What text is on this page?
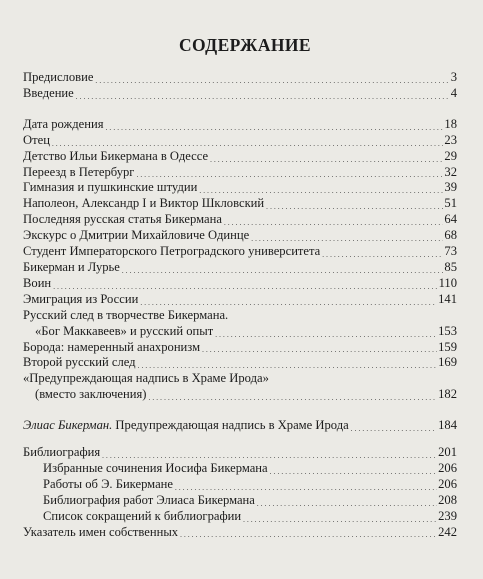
СОДЕРЖАНИЕ
Предисловие . . .	3
Введение . . .	4
Дата рождения . . .	18
Отец . . .	23
Детство Ильи Бикермана в Одессе . . .	29
Переезд в Петербург . . .	32
Гимназия и пушкинские штудии . . .	39
Наполеон, Александр I и Виктор Шкловский . . .	51
Последняя русская статья Бикермана . . .	64
Экскурс о Дмитрии Михайловиче Одинце . . .	68
Студент Императорского Петроградского университета . . .	73
Бикерман и Лурье . . .	85
Воин . . .	110
Эмиграция из России . . .	141
Русский след в творчестве Бикермана.
«Бог Маккавеев» и русский опыт . . .	153
Борода: намеренный анахронизм . . .	159
Второй русский след . . .	169
«Предупреждающая надпись в Храме Ирода»
(вместо заключения) . . .	182
Элиас Бикерман. Предупреждающая надпись в Храме Ирода . . .	184
Библиография . . .	201
Избранные сочинения Иосифа Бикермана . . .	206
Работы об Э. Бикермане . . .	206
Библиография работ Элиаса Бикермана . . .	208
Список сокращений к библиографии . . .	239
Указатель имен собственных . . .	242
